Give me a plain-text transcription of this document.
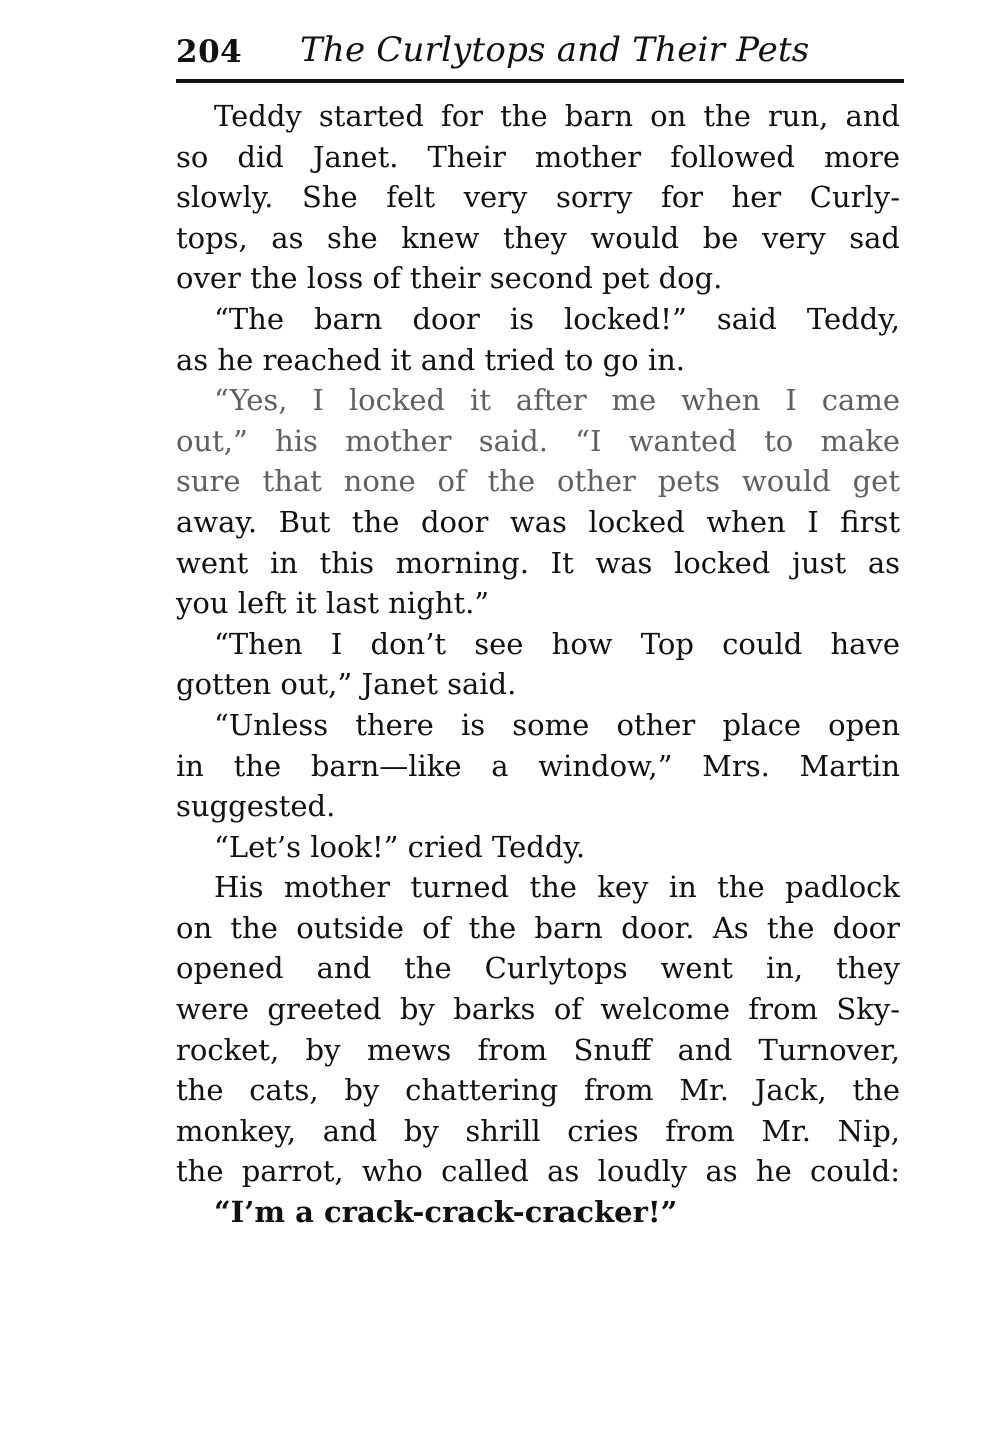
204 The Curlytops and Their Pets
Teddy started for the barn on the run, and
so did Janet. Their mother followed more
slowly. She felt very sorry for her Curly-
tops, as she knew they would be very sad
over the loss of their second pet dog.
“The barn door is locked!” said Teddy,
as he reached it and tried to go in.
“Yes, I locked it after me when I came
out,” his mother said. “I wanted to make
sure that none of the other pets would get
away. But the door was locked when I first
went in this morning. It was locked just as
you left it last night.”
“Then I don’t see how Top could have
gotten out,” Janet said.
“Unless there is some other place open
in the barn—like a window,” Mrs. Martin
suggested.
“Let’s look!” cried Teddy.
His mother turned the key in the padlock
on the outside of the barn door. As the door
opened and the Curlytops went in, they
were greeted by barks of welcome from Sky-
rocket, by mews from Snuff and Turnover,
the cats, by chattering from Mr. Jack, the
monkey, and by shrill cries from Mr. Nip,
the parrot, who called as loudly as he could:
“I’m a crack-crack-cracker!”
